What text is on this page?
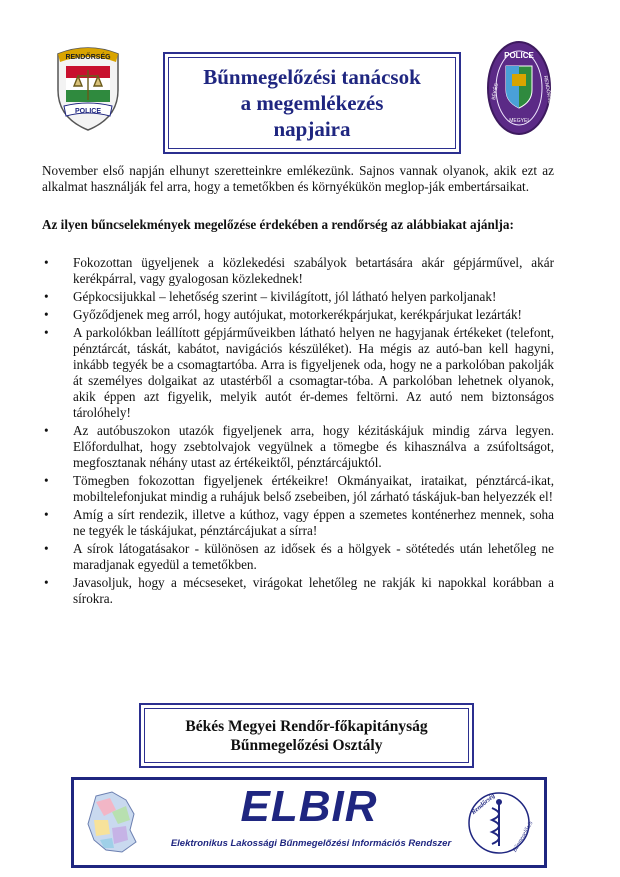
RENDŐRSÉG
POLICE
Bűnmegelőzési tanácsok
a megemlékezés
napjaira
POLICE
BÉKÉS
MEGYEI
RENDŐRSÉG

November első napján elhunyt szeretteinkre emlékezünk. Sajnos vannak olyanok, akik ezt az alkalmat használják fel arra, hogy a temetőkben és környékükön meglop-ják embertársaikat.

Az ilyen bűncselekmények megelőzése érdekében a rendőrség az alábbiakat ajánlja:

• Fokozottan ügyeljenek a közlekedési szabályok betartására akár gépjárművel, akár kerékpárral, vagy gyalogosan közlekednek!
• Gépkocsijukkal – lehetőség szerint – kivilágított, jól látható helyen parkoljanak!
• Győződjenek meg arról, hogy autójukat, motorkerékpárjukat, kerékpárjukat lezárták!
• A parkolókban leállított gépjárműveikben látható helyen ne hagyjanak értékeket (telefont, pénztárcát, táskát, kabátot, navigációs készüléket). Ha mégis az autó-ban kell hagyni, inkább tegyék be a csomagtartóba. Arra is figyeljenek oda, hogy ne a parkolóban pakolják át személyes dolgaikat az utastérből a csomagtar-tóba. A parkolóban lehetnek olyanok, akik éppen azt figyelik, melyik autót ér-demes feltörni. Az autó nem biztonságos tárolóhely!
• Az autóbuszokon utazók figyeljenek arra, hogy kézitáskájuk mindig zárva legyen. Előfordulhat, hogy zsebtolvajok vegyülnek a tömegbe és kihasználva a zsúfoltságot, megfosztanak néhány utast az értékeiktől, pénztárcájuktól.
• Tömegben fokozottan figyeljenek értékeikre! Okmányaikat, irataikat, pénztárcá-ikat, mobiltelefonjukat mindig a ruhájuk belső zsebeiben, jól zárható táskájuk-ban helyezzék el!
• Amíg a sírt rendezik, illetve a kúthoz, vagy éppen a szemetes konténerhez mennek, soha ne tegyék le táskájukat, pénztárcájukat a sírra!
• A sírok látogatásakor - különösen az idősek és a hölgyek - sötétedés után lehetőleg ne maradjanak egyedül a temetőkben.
• Javasoljuk, hogy a mécseseket, virágokat lehetőleg ne rakják ki napokkal korábban a sírokra.
Békés Megyei Rendőr-főkapitányság
Bűnmegelőzési Osztály
ELBIR
Elektronikus Lakossági Bűnmegelőzési Információs Rendszer
Rendőrség
Bűnmegelőzés
